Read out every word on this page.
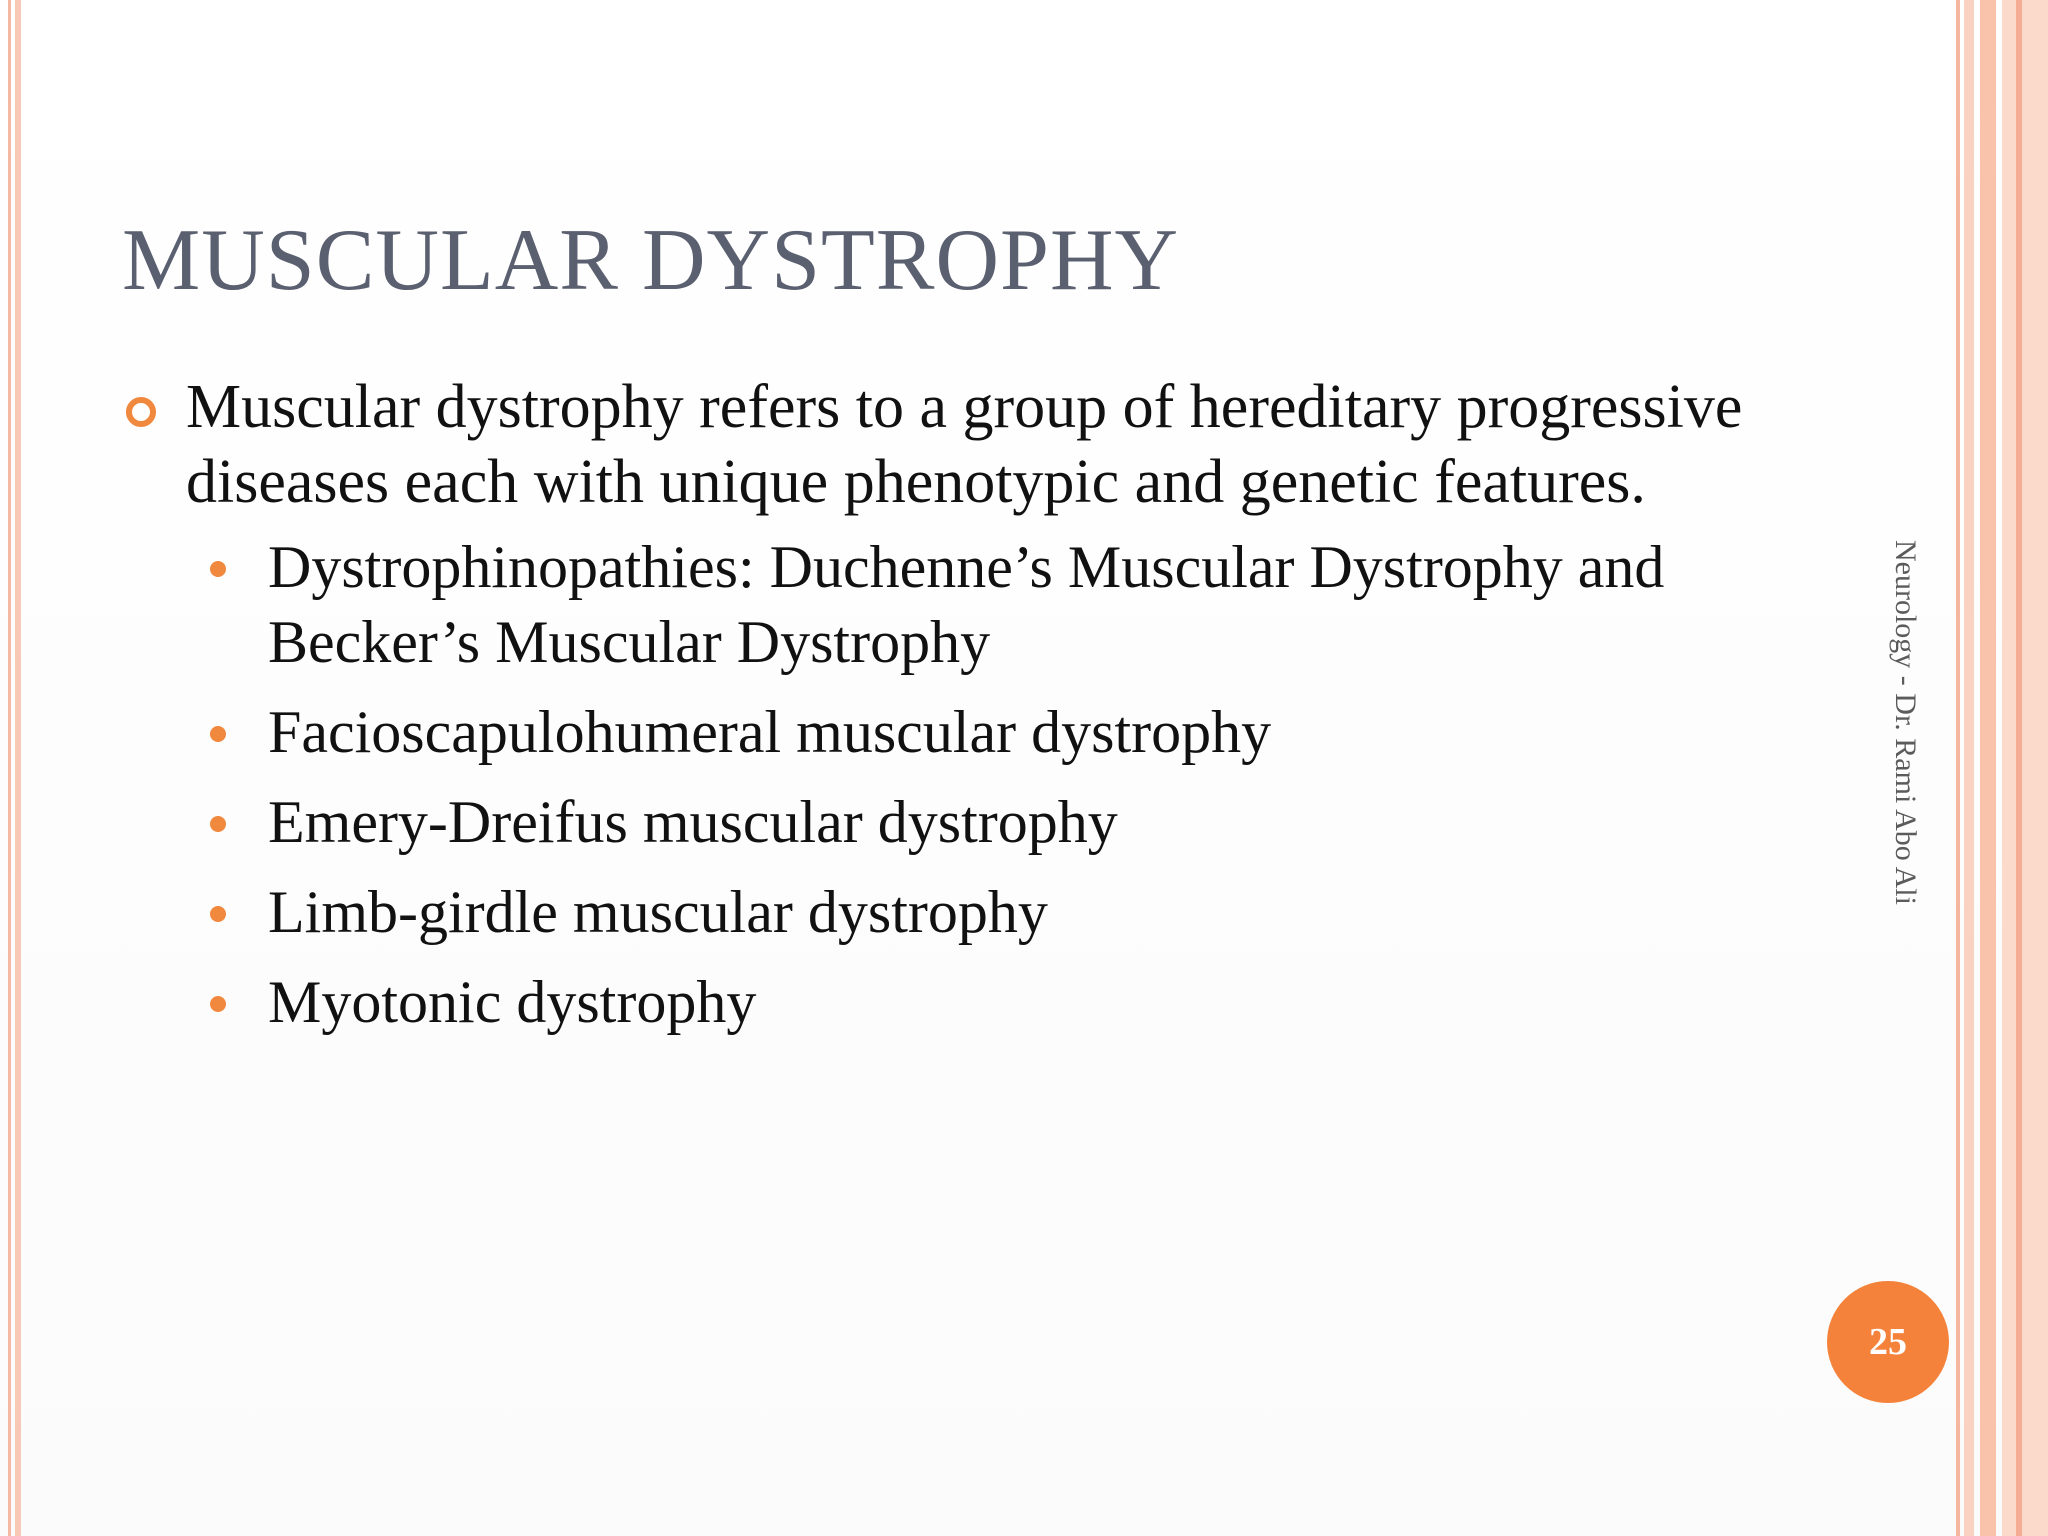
MUSCULAR DYSTROPHY
Muscular dystrophy refers to a group of hereditary progressive diseases each with unique phenotypic and genetic features.
Dystrophinopathies: Duchenne’s Muscular Dystrophy and Becker’s Muscular Dystrophy
Facioscapulohumeral muscular dystrophy
Emery-Dreifus muscular dystrophy
Limb-girdle muscular dystrophy
Myotonic dystrophy
Neurology - Dr. Rami Abo Ali
25
